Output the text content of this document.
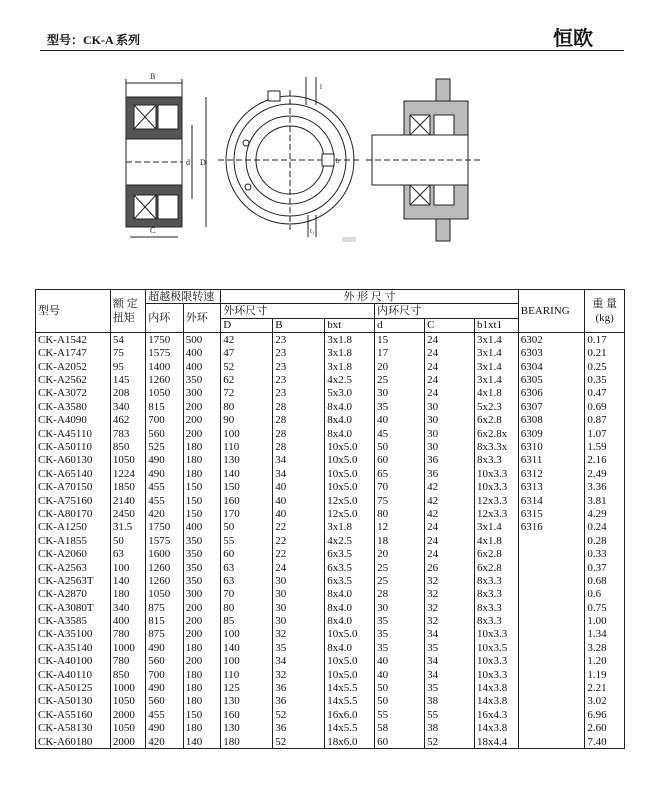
型号：CK-A 系列	恒欧
B
C
d D
l
b
t₁
型号	额 定 扭矩	超越极限转速		外 形 尺 寸						BEARING	重 量 (kg)
		内环	外环	外环尺寸			内环尺寸				
				D	B	bxt	d	C	b1xt1		
CK-A1542	54	1750	500	42	23	3x1.8	15	24	3x1.4	6302	0.17
CK-A1747	75	1575	400	47	23	3x1.8	17	24	3x1.4	6303	0.21
CK-A2052	95	1400	400	52	23	3x1.8	20	24	3x1.4	6304	0.25
CK-A2562	145	1260	350	62	23	4x2.5	25	24	3x1.4	6305	0.35
CK-A3072	208	1050	300	72	23	5x3.0	30	24	4x1.8	6306	0.47
CK-A3580	340	815	200	80	28	8x4.0	35	30	5x2.3	6307	0.69
CK-A4090	462	700	200	90	28	8x4.0	40	30	6x2.8	6308	0.87
CK-A45110	783	560	200	100	28	8x4.0	45	30	6x2.8x	6309	1.07
CK-A50110	850	525	180	110	28	10x5.0	50	30	8x3.3x	6310	1.59
CK-A60130	1050	490	180	130	34	10x5.0	60	36	8x3.3	6311	2.16
CK-A65140	1224	490	180	140	34	10x5.0	65	36	10x3.3	6312	2.49
CK-A70150	1850	455	150	150	40	10x5.0	70	42	10x3.3	6313	3.36
CK-A75160	2140	455	150	160	40	12x5.0	75	42	12x3.3	6314	3.81
CK-A80170	2450	420	150	170	40	12x5.0	80	42	12x3.3	6315	4.29
CK-A1250	31.5	1750	400	50	22	3x1.8	12	24	3x1.4	6316	0.24
CK-A1855	50	1575	350	55	22	4x2.5	18	24	4x1.8		0.28
CK-A2060	63	1600	350	60	22	6x3.5	20	24	6x2.8		0.33
CK-A2563	100	1260	350	63	24	6x3.5	25	26	6x2.8		0.37
CK-A2563T	140	1260	350	63	30	6x3.5	25	32	8x3.3		0.68
CK-A2870	180	1050	300	70	30	8x4.0	28	32	8x3.3		0.6
CK-A3080T	340	875	200	80	30	8x4.0	30	32	8x3.3		0.75
CK-A3585	400	815	200	85	30	8x4.0	35	32	8x3.3		1.00
CK-A35100	780	875	200	100	32	10x5.0	35	34	10x3.3		1.34
CK-A35140	1000	490	180	140	35	8x4.0	35	35	10x3.5		3.28
CK-A40100	780	560	200	100	34	10x5.0	40	34	10x3.3		1.20
CK-A40110	850	700	180	110	32	10x5.0	40	34	10x3.3		1.19
CK-A50125	1000	490	180	125	36	14x5.5	50	35	14x3.8		2.21
CK-A50130	1050	560	180	130	36	14x5.5	50	38	14x3.8		3.02
CK-A55160	2000	455	150	160	52	16x6.0	55	55	16x4.3		6.96
CK-A58130	1050	490	180	130	36	14x5.5	58	38	14x3.8		2.60
CK-A60180	2000	420	140	180	52	18x6.0	60	52	18x4.4		7.40
